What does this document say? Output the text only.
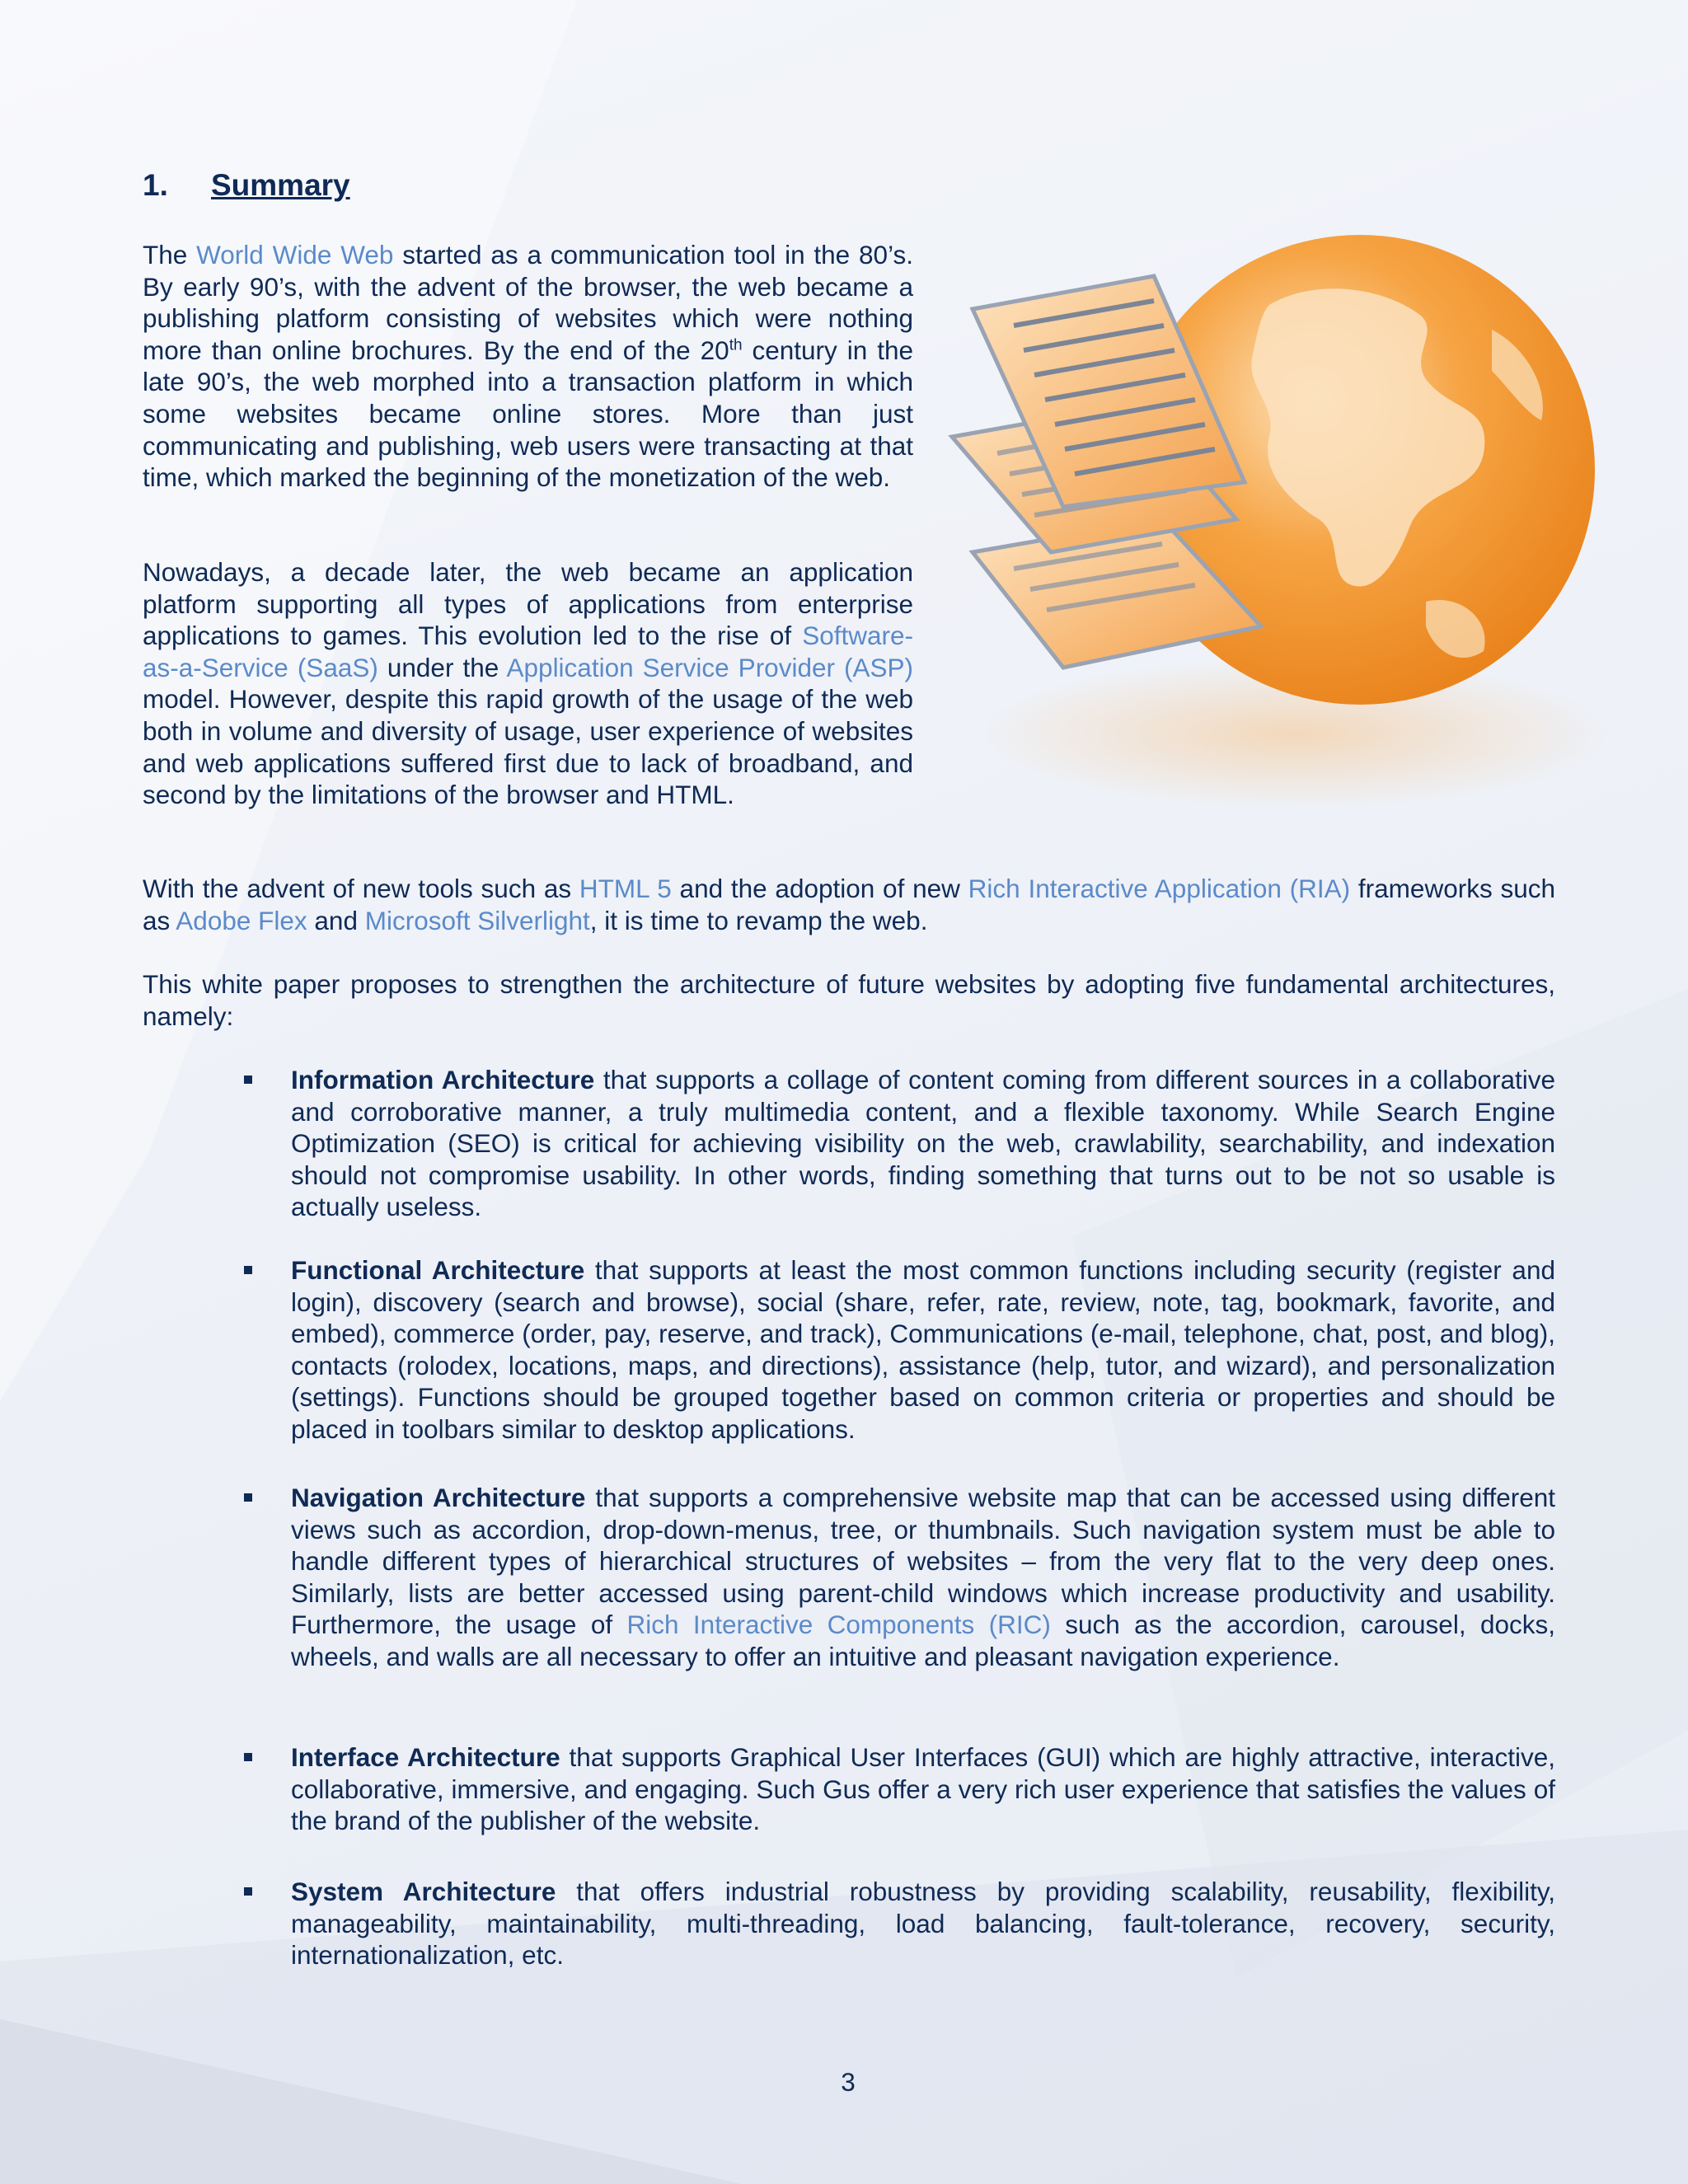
1. Summary

The World Wide Web started as a communication tool in the 80’s. By early 90’s, with the advent of the browser, the web became a publishing platform consisting of websites which were nothing more than online brochures. By the end of the 20th century in the late 90’s, the web morphed into a transaction platform in which some websites became online stores. More than just communicating and publishing, web users were transacting at that time, which marked the beginning of the monetization of the web.

Nowadays, a decade later, the web became an application platform supporting all types of applications from enterprise applications to games. This evolution led to the rise of Software-as-a-Service (SaaS) under the Application Service Provider (ASP) model. However, despite this rapid growth of the usage of the web both in volume and diversity of usage, user experience of websites and web applications suffered first due to lack of broadband, and second by the limitations of the browser and HTML.

With the advent of new tools such as HTML 5 and the adoption of new Rich Interactive Application (RIA) frameworks such as Adobe Flex and Microsoft Silverlight, it is time to revamp the web.

This white paper proposes to strengthen the architecture of future websites by adopting five fundamental architectures, namely:

Information Architecture that supports a collage of content coming from different sources in a collaborative and corroborative manner, a truly multimedia content, and a flexible taxonomy. While Search Engine Optimization (SEO) is critical for achieving visibility on the web, crawlability, searchability, and indexation should not compromise usability. In other words, finding something that turns out to be not so usable is actually useless.

Functional Architecture that supports at least the most common functions including security (register and login), discovery (search and browse), social (share, refer, rate, review, note, tag, bookmark, favorite, and embed), commerce (order, pay, reserve, and track), Communications (e-mail, telephone, chat, post, and blog), contacts (rolodex, locations, maps, and directions), assistance (help, tutor, and wizard), and personalization (settings). Functions should be grouped together based on common criteria or properties and should be placed in toolbars similar to desktop applications.

Navigation Architecture that supports a comprehensive website map that can be accessed using different views such as accordion, drop-down-menus, tree, or thumbnails. Such navigation system must be able to handle different types of hierarchical structures of websites – from the very flat to the very deep ones. Similarly, lists are better accessed using parent-child windows which increase productivity and usability. Furthermore, the usage of Rich Interactive Components (RIC) such as the accordion, carousel, docks, wheels, and walls are all necessary to offer an intuitive and pleasant navigation experience.

Interface Architecture that supports Graphical User Interfaces (GUI) which are highly attractive, interactive, collaborative, immersive, and engaging. Such Gus offer a very rich user experience that satisfies the values of the brand of the publisher of the website.

System Architecture that offers industrial robustness by providing scalability, reusability, flexibility, manageability, maintainability, multi-threading, load balancing, fault-tolerance, recovery, security, internationalization, etc.

3
